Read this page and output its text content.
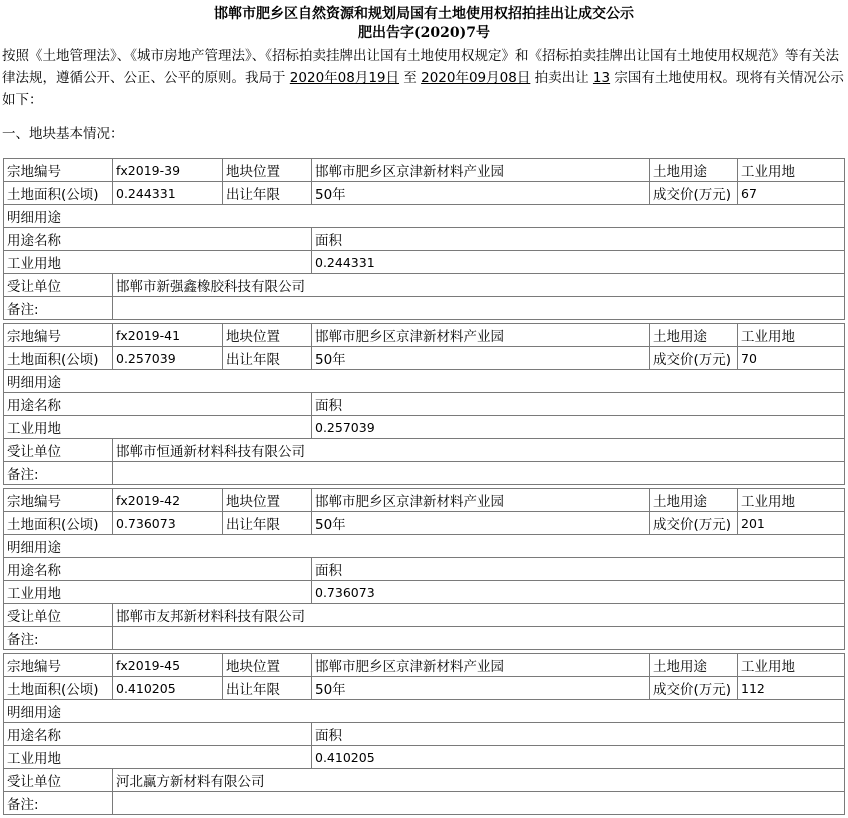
邯郸市肥乡区自然资源和规划局国有土地使用权招拍挂出让成交公示
肥出告字(2020)7号
按照《土地管理法》、《城市房地产管理法》、《招标拍卖挂牌出让国有土地使用权规定》和《招标拍卖挂牌出让国有土地使用权规范》等有关法律法规，遵循公开、公正、公平的原则。我局于 2020年08月19日 至 2020年09月08日 拍卖出让 13 宗国有土地使用权。现将有关情况公示如下：
一、地块基本情况：
宗地编号	fx2019-39	地块位置	邯郸市肥乡区京津新材料产业园	土地用途	工业用地
土地面积(公顷)	0.244331	出让年限	50年	成交价(万元)	67
明细用途					
用途名称			面积		
工业用地			0.244331		
受让单位	邯郸市新强鑫橡胶科技有限公司				
备注:					
宗地编号	fx2019-41	地块位置	邯郸市肥乡区京津新材料产业园	土地用途	工业用地
土地面积(公顷)	0.257039	出让年限	50年	成交价(万元)	70
明细用途					
用途名称			面积		
工业用地			0.257039		
受让单位	邯郸市恒通新材料科技有限公司				
备注:					
宗地编号	fx2019-42	地块位置	邯郸市肥乡区京津新材料产业园	土地用途	工业用地
土地面积(公顷)	0.736073	出让年限	50年	成交价(万元)	201
明细用途					
用途名称			面积		
工业用地			0.736073		
受让单位	邯郸市友邦新材料科技有限公司				
备注:					
宗地编号	fx2019-45	地块位置	邯郸市肥乡区京津新材料产业园	土地用途	工业用地
土地面积(公顷)	0.410205	出让年限	50年	成交价(万元)	112
明细用途					
用途名称			面积		
工业用地			0.410205		
受让单位	河北赢方新材料有限公司				
备注:					
